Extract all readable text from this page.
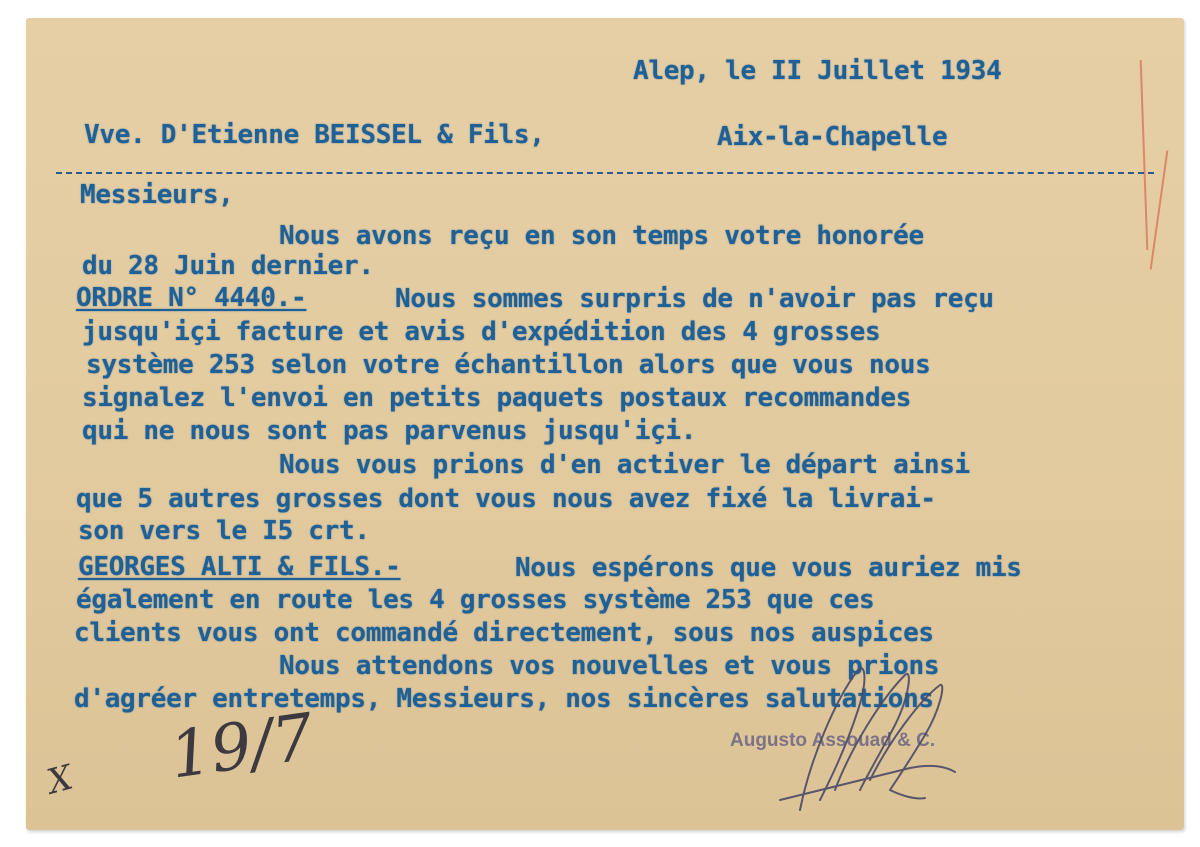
Alep, le II Juillet 1934
Vve. D'Etienne BEISSEL & Fils,	Aix-la-Chapelle
Messieurs,
Nous avons reçu en son temps votre honorée
du 28 Juin dernier.
ORDRE N° 4440.-	Nous sommes surpris de n'avoir pas reçu
jusqu'içi facture et avis d'expédition des 4 grosses
système 253 selon votre échantillon alors que vous nous
signalez l'envoi en petits paquets postaux recommandes
qui ne nous sont pas parvenus jusqu'içi.
Nous vous prions d'en activer le départ ainsi
que 5 autres grosses dont vous nous avez fixé la livrai-
son vers le I5 crt.
GEORGES ALTI & FILS.-	Nous espérons que vous auriez mis
également en route les 4 grosses système 253 que ces
clients vous ont commandé directement, sous nos auspices
Nous attendons vos nouvelles et vous prions
d'agréer entretemps, Messieurs, nos sincères salutations
19/7
X
Augusto Assouad & C.
